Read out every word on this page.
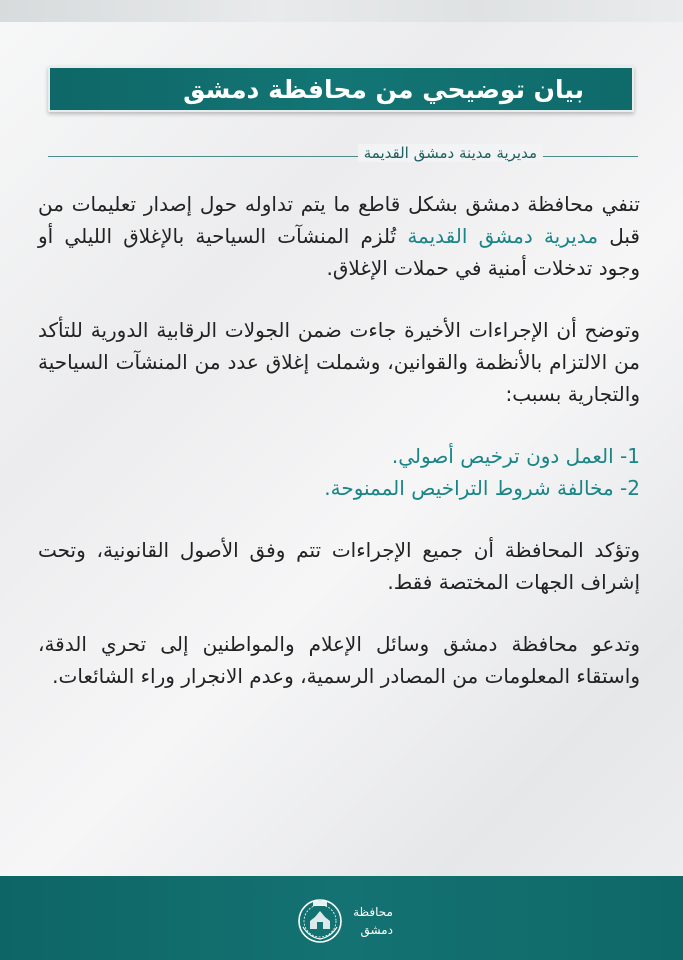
بيان توضيحي من محافظة دمشق
مديرية مدينة دمشق القديمة

تنفي محافظة دمشق بشكل قاطع ما يتم تداوله حول إصدار تعليمات من قبل مديرية دمشق القديمة تُلزم المنشآت السياحية بالإغلاق الليلي أو وجود تدخلات أمنية في حملات الإغلاق.

وتوضح أن الإجراءات الأخيرة جاءت ضمن الجولات الرقابية الدورية للتأكد من الالتزام بالأنظمة والقوانين، وشملت إغلاق عدد من المنشآت السياحية والتجارية بسبب:

1- العمل دون ترخيص أصولي.
2- مخالفة شروط التراخيص الممنوحة.

وتؤكد المحافظة أن جميع الإجراءات تتم وفق الأصول القانونية، وتحت إشراف الجهات المختصة فقط.

وتدعو محافظة دمشق وسائل الإعلام والمواطنين إلى تحري الدقة، واستقاء المعلومات من المصادر الرسمية، وعدم الانجرار وراء الشائعات.

محافظة
دمشق
